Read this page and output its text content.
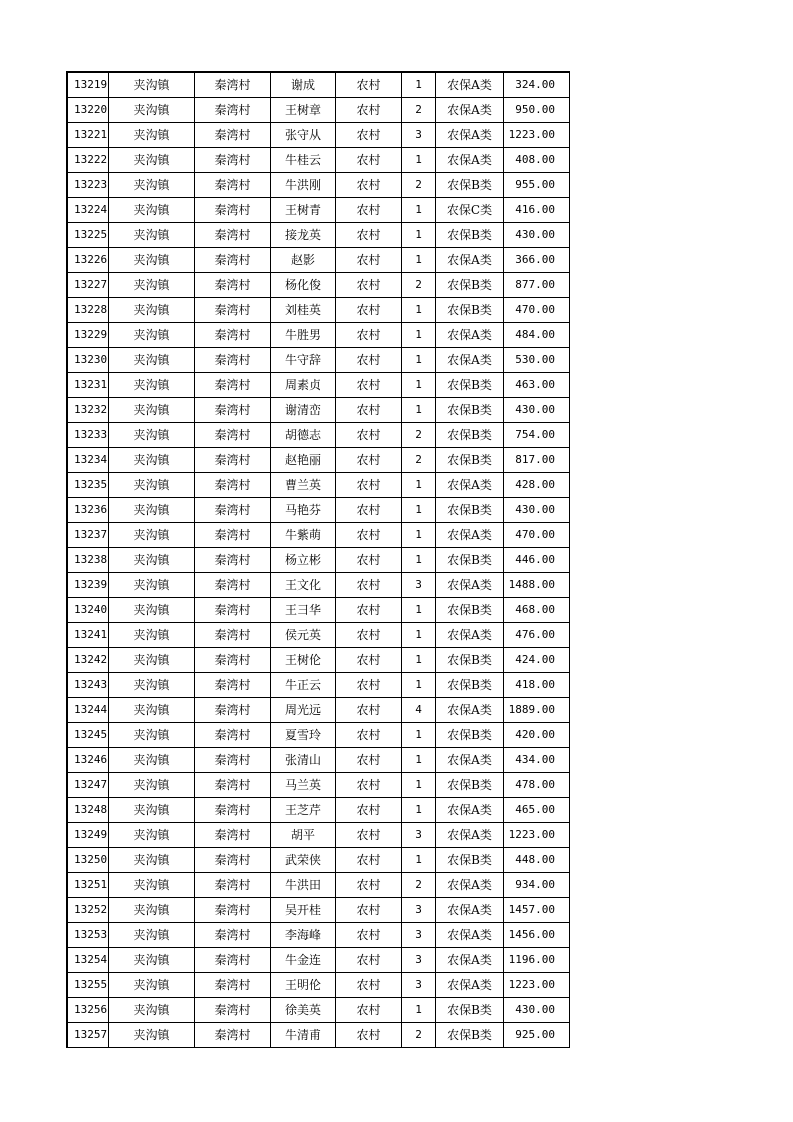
13219	夹沟镇	秦湾村	谢成	农村	1	农保A类	324.00
13220	夹沟镇	秦湾村	王树章	农村	2	农保A类	950.00
13221	夹沟镇	秦湾村	张守从	农村	3	农保A类	1223.00
13222	夹沟镇	秦湾村	牛桂云	农村	1	农保A类	408.00
13223	夹沟镇	秦湾村	牛洪刚	农村	2	农保B类	955.00
13224	夹沟镇	秦湾村	王树青	农村	1	农保C类	416.00
13225	夹沟镇	秦湾村	接龙英	农村	1	农保B类	430.00
13226	夹沟镇	秦湾村	赵影	农村	1	农保A类	366.00
13227	夹沟镇	秦湾村	杨化俊	农村	2	农保B类	877.00
13228	夹沟镇	秦湾村	刘桂英	农村	1	农保B类	470.00
13229	夹沟镇	秦湾村	牛胜男	农村	1	农保A类	484.00
13230	夹沟镇	秦湾村	牛守辞	农村	1	农保A类	530.00
13231	夹沟镇	秦湾村	周素贞	农村	1	农保B类	463.00
13232	夹沟镇	秦湾村	谢清峦	农村	1	农保B类	430.00
13233	夹沟镇	秦湾村	胡德志	农村	2	农保B类	754.00
13234	夹沟镇	秦湾村	赵艳丽	农村	2	农保B类	817.00
13235	夹沟镇	秦湾村	曹兰英	农村	1	农保A类	428.00
13236	夹沟镇	秦湾村	马艳芬	农村	1	农保B类	430.00
13237	夹沟镇	秦湾村	牛紫萌	农村	1	农保A类	470.00
13238	夹沟镇	秦湾村	杨立彬	农村	1	农保B类	446.00
13239	夹沟镇	秦湾村	王文化	农村	3	农保A类	1488.00
13240	夹沟镇	秦湾村	王彐华	农村	1	农保B类	468.00
13241	夹沟镇	秦湾村	侯元英	农村	1	农保A类	476.00
13242	夹沟镇	秦湾村	王树伦	农村	1	农保B类	424.00
13243	夹沟镇	秦湾村	牛正云	农村	1	农保B类	418.00
13244	夹沟镇	秦湾村	周光远	农村	4	农保A类	1889.00
13245	夹沟镇	秦湾村	夏雪玲	农村	1	农保B类	420.00
13246	夹沟镇	秦湾村	张清山	农村	1	农保A类	434.00
13247	夹沟镇	秦湾村	马兰英	农村	1	农保B类	478.00
13248	夹沟镇	秦湾村	王芝芹	农村	1	农保A类	465.00
13249	夹沟镇	秦湾村	胡平	农村	3	农保A类	1223.00
13250	夹沟镇	秦湾村	武荣侠	农村	1	农保B类	448.00
13251	夹沟镇	秦湾村	牛洪田	农村	2	农保A类	934.00
13252	夹沟镇	秦湾村	吴开桂	农村	3	农保A类	1457.00
13253	夹沟镇	秦湾村	李海峰	农村	3	农保A类	1456.00
13254	夹沟镇	秦湾村	牛金连	农村	3	农保A类	1196.00
13255	夹沟镇	秦湾村	王明伦	农村	3	农保A类	1223.00
13256	夹沟镇	秦湾村	徐美英	农村	1	农保B类	430.00
13257	夹沟镇	秦湾村	牛清甫	农村	2	农保B类	925.00
